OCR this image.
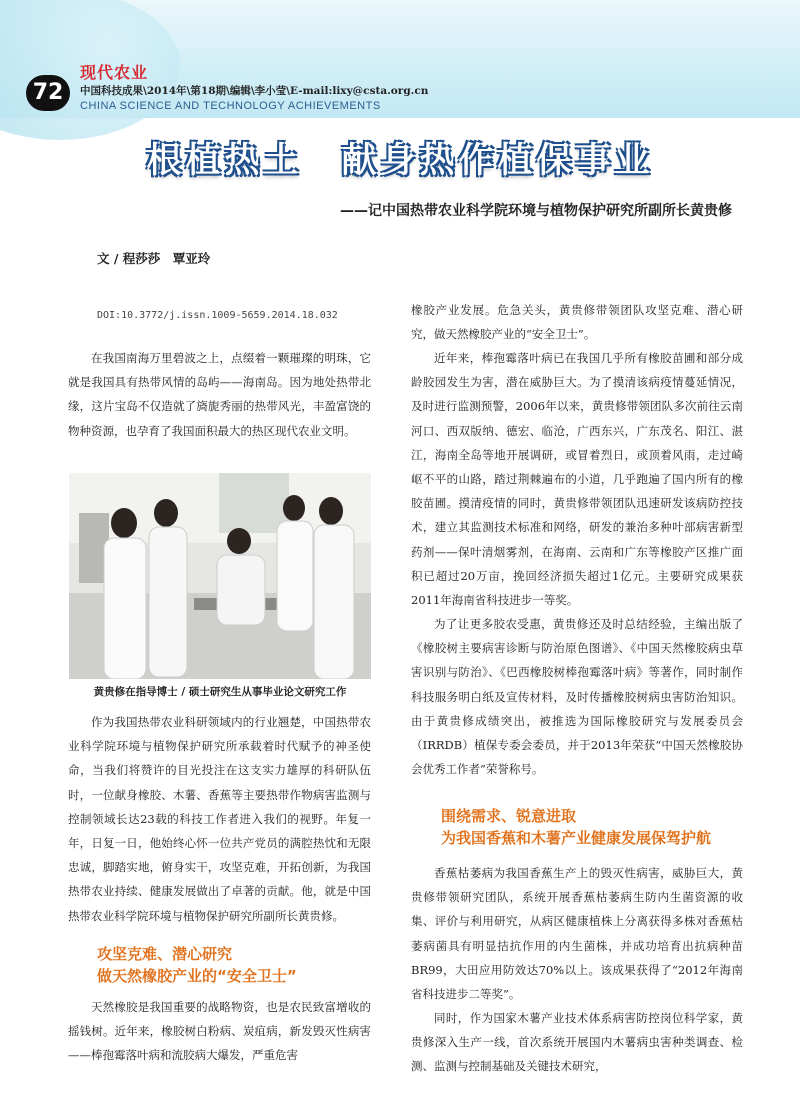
72
现代农业
中国科技成果\2014年\第18期\编辑\李小莹\E-mail:lixy@csta.org.cn
CHINA SCIENCE AND TECHNOLOGY ACHIEVEMENTS
根植热土　献身热作植保事业
——记中国热带农业科学院环境与植物保护研究所副所长黄贵修
文 / 程莎莎　覃亚玲
DOI:10.3772/j.issn.1009-5659.2014.18.032

在我国南海万里碧波之上，点缀着一颗璀璨的明珠，它就是我国具有热带风情的岛屿——海南岛。因为地处热带北缘，这片宝岛不仅造就了旖旎秀丽的热带风光，丰盈富饶的物种资源，也孕育了我国面积最大的热区现代农业文明。

黄贵修在指导博士 / 硕士研究生从事毕业论文研究工作

作为我国热带农业科研领域内的行业翘楚，中国热带农业科学院环境与植物保护研究所承载着时代赋予的神圣使命，当我们将赞许的目光投注在这支实力雄厚的科研队伍时，一位献身橡胶、木薯、香蕉等主要热带作物病害监测与控制领域长达23载的科技工作者进入我们的视野。年复一年，日复一日，他始终心怀一位共产党员的满腔热忱和无限忠诚，脚踏实地，俯身实干，攻坚克难，开拓创新，为我国热带农业持续、健康发展做出了卓著的贡献。他，就是中国热带农业科学院环境与植物保护研究所副所长黄贵修。

攻坚克难、潜心研究
做天然橡胶产业的“安全卫士”

天然橡胶是我国重要的战略物资，也是农民致富增收的摇钱树。近年来，橡胶树白粉病、炭疽病，新发毁灭性病害——棒孢霉落叶病和流胶病大爆发，严重危害

橡胶产业发展。危急关头，黄贵修带领团队攻坚克难、潜心研究，做天然橡胶产业的“安全卫士”。

近年来，棒孢霉落叶病已在我国几乎所有橡胶苗圃和部分成龄胶园发生为害，潜在威胁巨大。为了摸清该病疫情蔓延情况，及时进行监测预警，2006年以来，黄贵修带领团队多次前往云南河口、西双版纳、德宏、临沧，广西东兴，广东茂名、阳江、湛江，海南全岛等地开展调研，或冒着烈日，或顶着风雨，走过崎岖不平的山路，踏过荆棘遍布的小道，几乎跑遍了国内所有的橡胶苗圃。摸清疫情的同时，黄贵修带领团队迅速研发该病防控技术，建立其监测技术标准和网络，研发的兼治多种叶部病害新型药剂——保叶清烟雾剂，在海南、云南和广东等橡胶产区推广面积已超过20万亩，挽回经济损失超过1亿元。主要研究成果获2011年海南省科技进步一等奖。

为了让更多胶农受惠，黄贵修还及时总结经验，主编出版了《橡胶树主要病害诊断与防治原色图谱》、《中国天然橡胶病虫草害识别与防治》、《巴西橡胶树棒孢霉落叶病》等著作，同时制作科技服务明白纸及宣传材料，及时传播橡胶树病虫害防治知识。由于黄贵修成绩突出，被推选为国际橡胶研究与发展委员会（IRRDB）植保专委会委员，并于2013年荣获“中国天然橡胶协会优秀工作者”荣誉称号。

围绕需求、锐意进取
为我国香蕉和木薯产业健康发展保驾护航

香蕉枯萎病为我国香蕉生产上的毁灭性病害，威胁巨大，黄贵修带领研究团队，系统开展香蕉枯萎病生防内生菌资源的收集、评价与利用研究，从病区健康植株上分离获得多株对香蕉枯萎病菌具有明显拮抗作用的内生菌株，并成功培育出抗病种苗BR99，大田应用防效达70%以上。该成果获得了“2012年海南省科技进步二等奖”。

同时，作为国家木薯产业技术体系病害防控岗位科学家，黄贵修深入生产一线，首次系统开展国内木薯病虫害种类调查、检测、监测与控制基础及关键技术研究，
